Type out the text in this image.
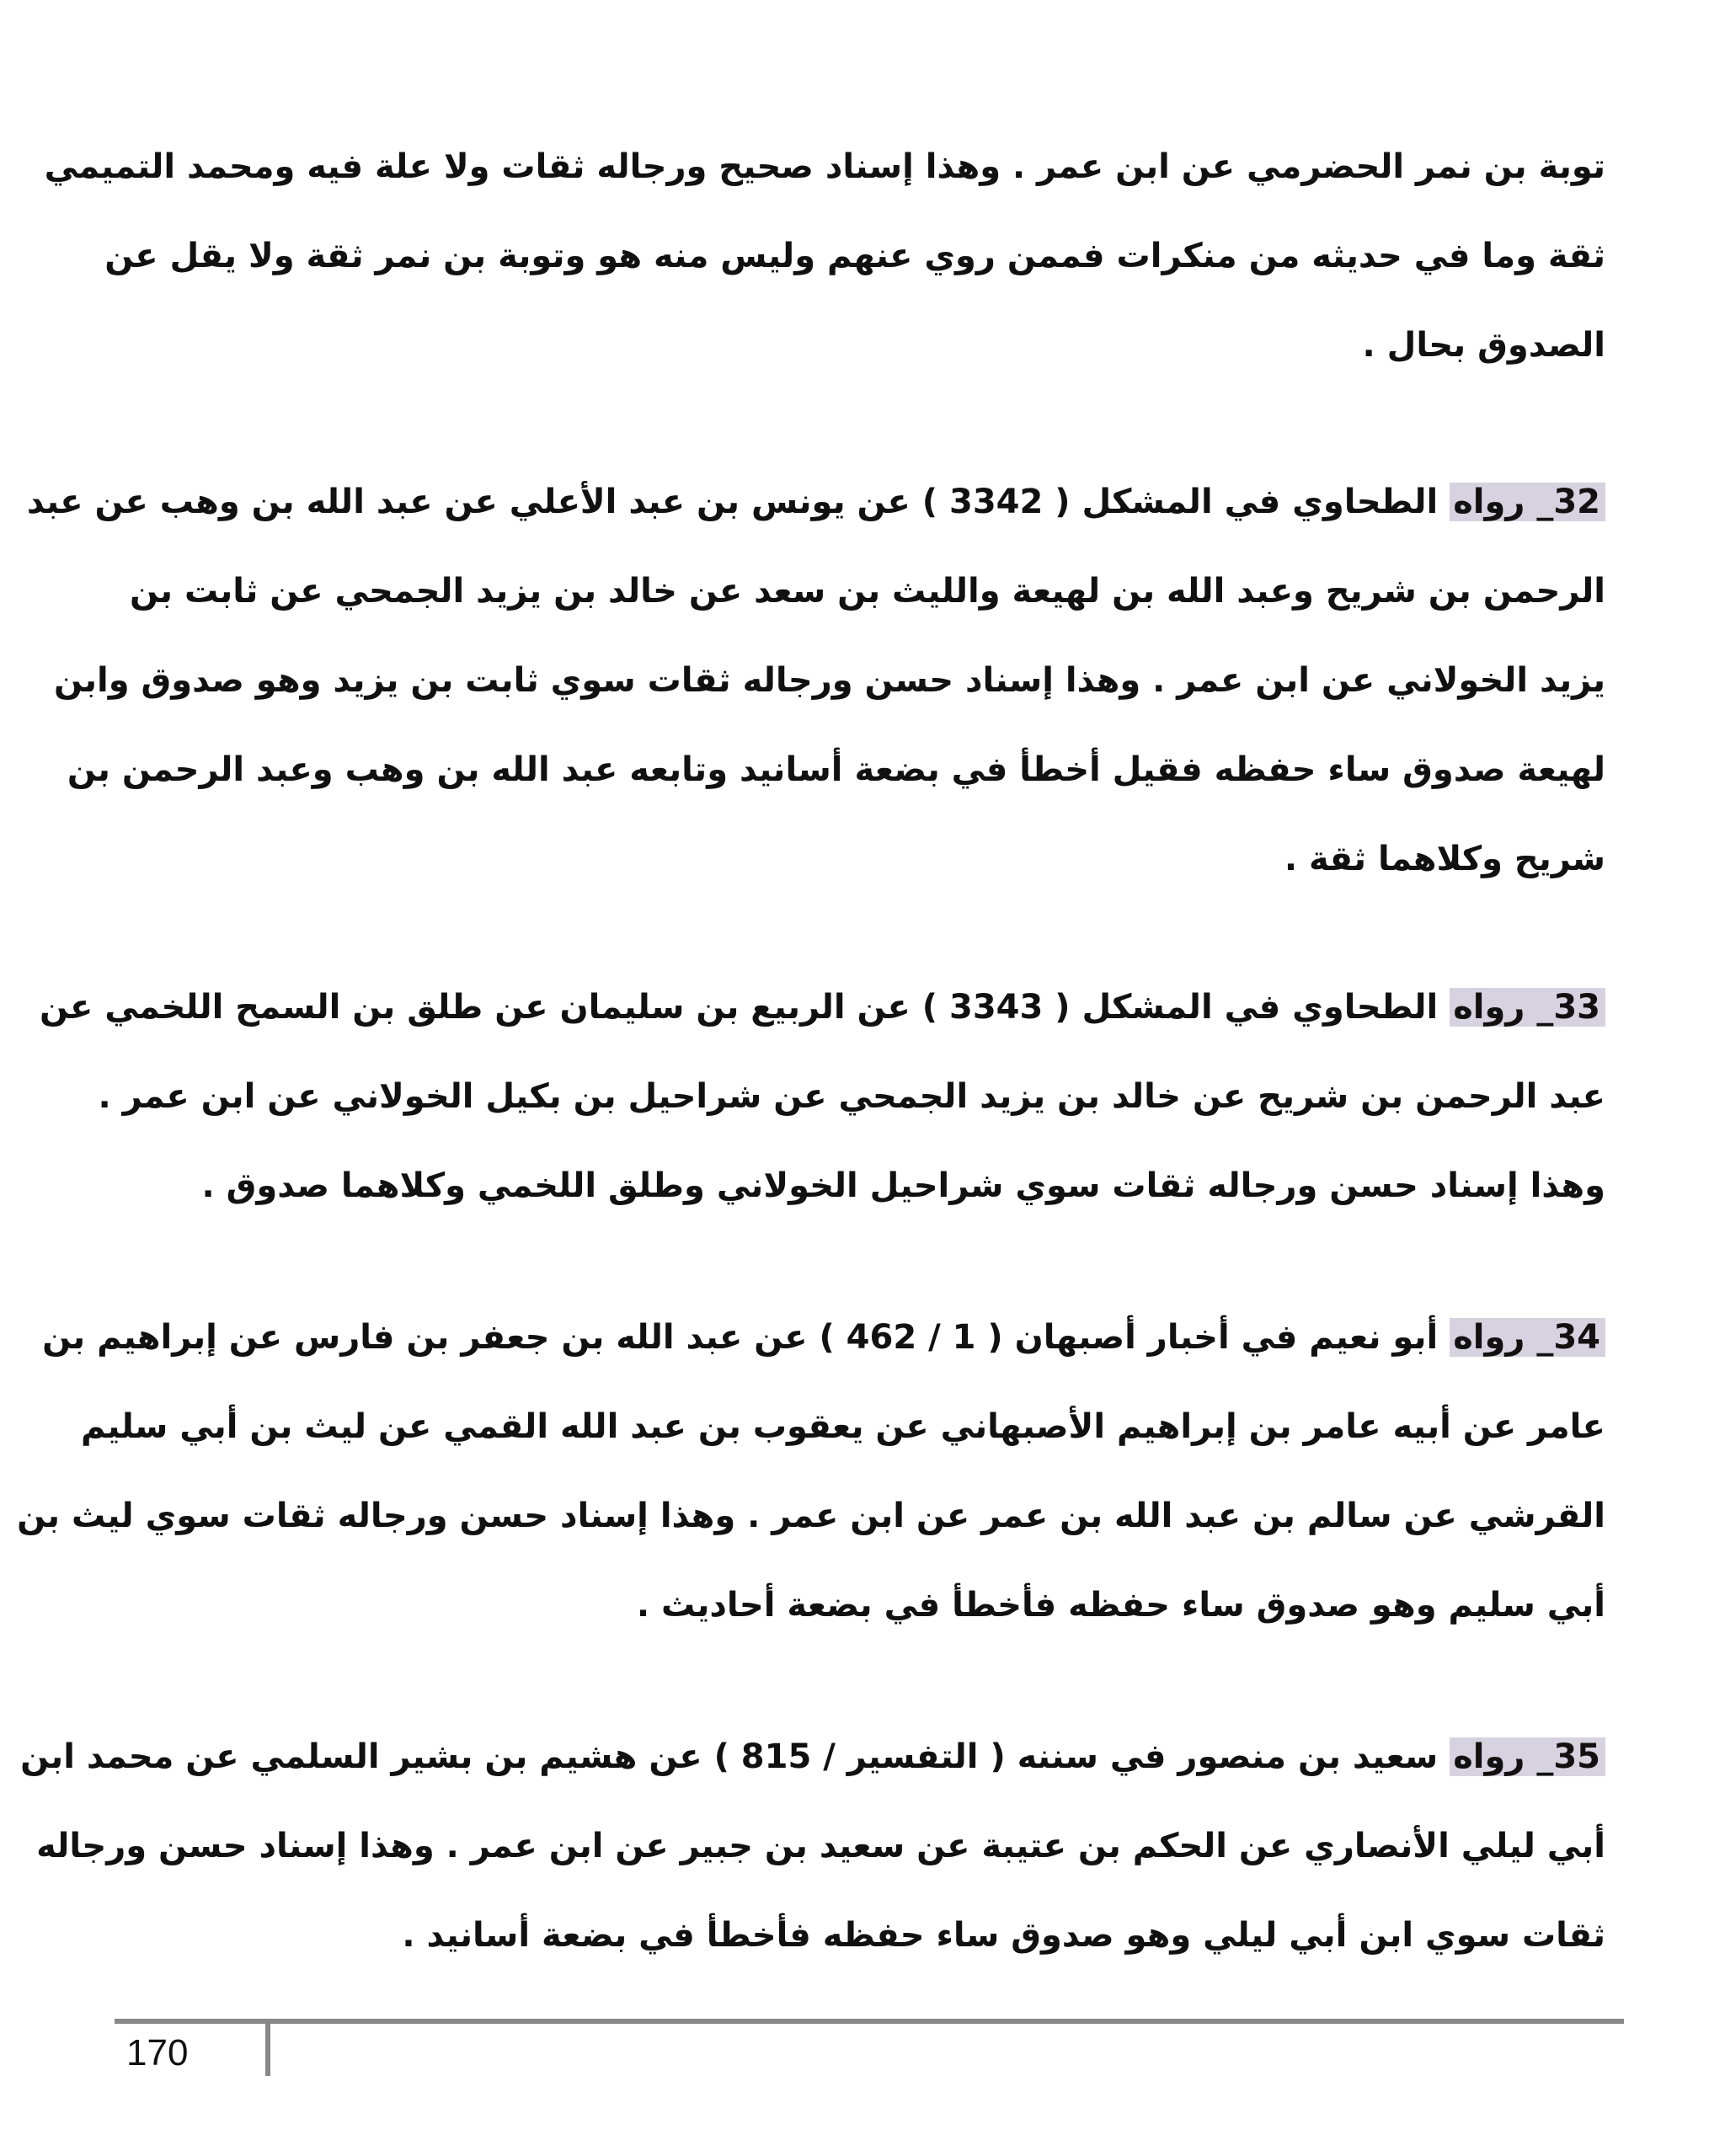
توبة بن نمر الحضرمي عن ابن عمر . وهذا إسناد صحيح ورجاله ثقات ولا علة فيه ومحمد التميمي
ثقة وما في حديثه من منكرات فممن روي عنهم وليس منه هو وتوبة بن نمر ثقة ولا يقل عن
الصدوق بحال .
32_ رواه الطحاوي في المشكل ( 3342 ) عن يونس بن عبد الأعلي عن عبد الله بن وهب عن عبد
الرحمن بن شريح وعبد الله بن لهيعة والليث بن سعد عن خالد بن يزيد الجمحي عن ثابت بن
يزيد الخولاني عن ابن عمر . وهذا إسناد حسن ورجاله ثقات سوي ثابت بن يزيد وهو صدوق وابن
لهيعة صدوق ساء حفظه فقيل أخطأ في بضعة أسانيد وتابعه عبد الله بن وهب وعبد الرحمن بن
شريح وكلاهما ثقة .
33_ رواه الطحاوي في المشكل ( 3343 ) عن الربيع بن سليمان عن طلق بن السمح اللخمي عن
عبد الرحمن بن شريح عن خالد بن يزيد الجمحي عن شراحيل بن بكيل الخولاني عن ابن عمر .
وهذا إسناد حسن ورجاله ثقات سوي شراحيل الخولاني وطلق اللخمي وكلاهما صدوق .
34_ رواه أبو نعيم في أخبار أصبهان ( 1 / 462 ) عن عبد الله بن جعفر بن فارس عن إبراهيم بن
عامر عن أبيه عامر بن إبراهيم الأصبهاني عن يعقوب بن عبد الله القمي عن ليث بن أبي سليم
القرشي عن سالم بن عبد الله بن عمر عن ابن عمر . وهذا إسناد حسن ورجاله ثقات سوي ليث بن
أبي سليم وهو صدوق ساء حفظه فأخطأ في بضعة أحاديث .
35_ رواه سعيد بن منصور في سننه ( التفسير / 815 ) عن هشيم بن بشير السلمي عن محمد ابن
أبي ليلي الأنصاري عن الحكم بن عتيبة عن سعيد بن جبير عن ابن عمر . وهذا إسناد حسن ورجاله
ثقات سوي ابن أبي ليلي وهو صدوق ساء حفظه فأخطأ في بضعة أسانيد .
170
